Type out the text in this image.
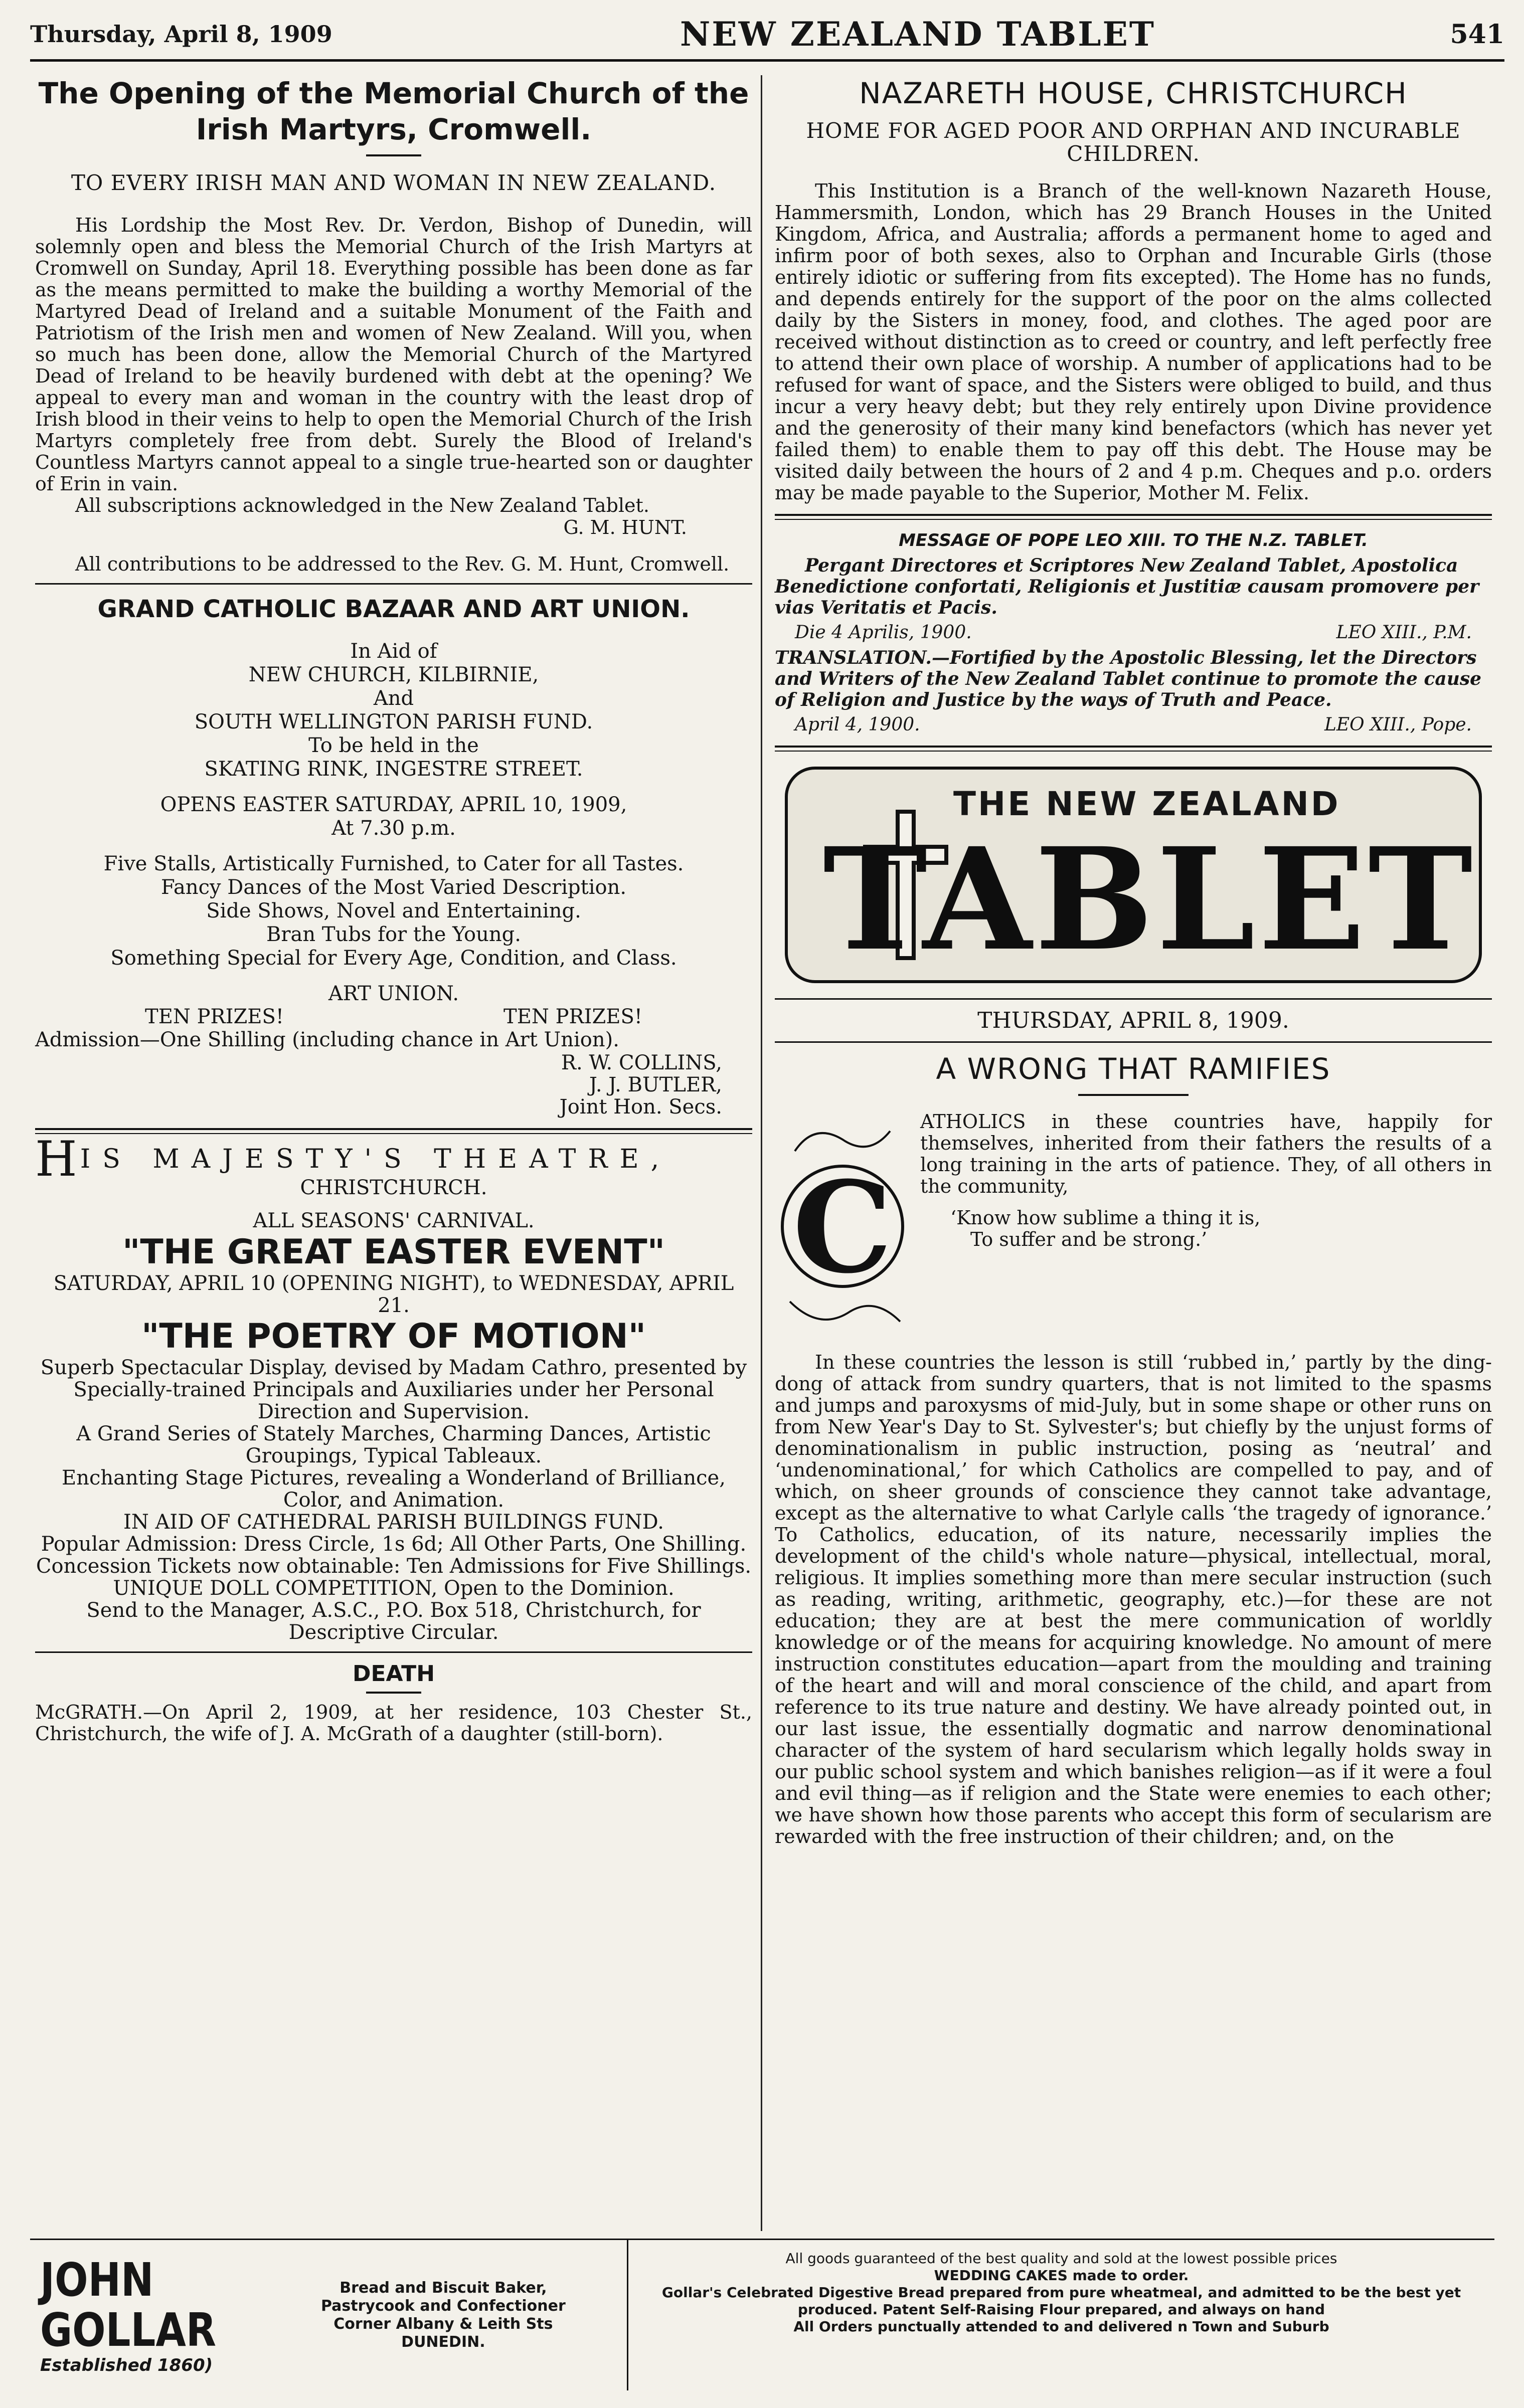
Thursday, April 8, 1909	NEW ZEALAND TABLET	541
The Opening of the Memorial Church of the Irish Martyrs, Cromwell.
TO EVERY IRISH MAN AND WOMAN IN NEW ZEALAND.

His Lordship the Most Rev. Dr. Verdon, Bishop of Dunedin, will solemnly open and bless the Memorial Church of the Irish Martyrs at Cromwell on Sunday, April 18. Everything possible has been done as far as the means permitted to make the building a worthy Memorial of the Martyred Dead of Ireland and a suitable Monument of the Faith and Patriotism of the Irish men and women of New Zealand. Will you, when so much has been done, allow the Memorial Church of the Martyred Dead of Ireland to be heavily burdened with debt at the opening? We appeal to every man and woman in the country with the least drop of Irish blood in their veins to help to open the Memorial Church of the Irish Martyrs completely free from debt. Surely the Blood of Ireland's Countless Martyrs cannot appeal to a single true-hearted son or daughter of Erin in vain.

All subscriptions acknowledged in the New Zealand Tablet.

G. M. HUNT.

All contributions to be addressed to the Rev. G. M. Hunt, Cromwell.

GRAND CATHOLIC BAZAAR AND ART UNION.

In Aid of

NEW CHURCH, KILBIRNIE,

And

SOUTH WELLINGTON PARISH FUND.

To be held in the

SKATING RINK, INGESTRE STREET.

OPENS EASTER SATURDAY, APRIL 10, 1909,

At 7.30 p.m.

Five Stalls, Artistically Furnished, to Cater for all Tastes.

Fancy Dances of the Most Varied Description.

Side Shows, Novel and Entertaining.

Bran Tubs for the Young.

Something Special for Every Age, Condition, and Class.

ART UNION.

TEN PRIZES!	TEN PRIZES!

Admission—One Shilling (including chance in Art Union).

R. W. COLLINS,
J. J. BUTLER,
Joint Hon. Secs.
HIS MAJESTY'S THEATRE,
CHRISTCHURCH.
ALL SEASONS' CARNIVAL.
"THE GREAT EASTER EVENT"
SATURDAY, APRIL 10 (OPENING NIGHT), to WEDNESDAY, APRIL 21.
"THE POETRY OF MOTION"

Superb Spectacular Display, devised by Madam Cathro, presented by Specially-trained Principals and Auxiliaries under her Personal Direction and Supervision.

A Grand Series of Stately Marches, Charming Dances, Artistic Groupings, Typical Tableaux.

Enchanting Stage Pictures, revealing a Wonderland of Brilliance, Color, and Animation.

IN AID OF CATHEDRAL PARISH BUILDINGS FUND.

Popular Admission: Dress Circle, 1s 6d; All Other Parts, One Shilling.

Concession Tickets now obtainable: Ten Admissions for Five Shillings.

UNIQUE DOLL COMPETITION, Open to the Dominion.

Send to the Manager, A.S.C., P.O. Box 518, Christchurch, for Descriptive Circular.

DEATH

McGRATH.—On April 2, 1909, at her residence, 103 Chester St., Christchurch, the wife of J. A. McGrath of a daughter (still-born).

NAZARETH HOUSE, CHRISTCHURCH
HOME FOR AGED POOR AND ORPHAN AND INCURABLE CHILDREN.

This Institution is a Branch of the well-known Nazareth House, Hammersmith, London, which has 29 Branch Houses in the United Kingdom, Africa, and Australia; affords a permanent home to aged and infirm poor of both sexes, also to Orphan and Incurable Girls (those entirely idiotic or suffering from fits excepted). The Home has no funds, and depends entirely for the support of the poor on the alms collected daily by the Sisters in money, food, and clothes. The aged poor are received without distinction as to creed or country, and left perfectly free to attend their own place of worship. A number of applications had to be refused for want of space, and the Sisters were obliged to build, and thus incur a very heavy debt; but they rely entirely upon Divine providence and the generosity of their many kind benefactors (which has never yet failed them) to enable them to pay off this debt. The House may be visited daily between the hours of 2 and 4 p.m. Cheques and p.o. orders may be made payable to the Superior, Mother M. Felix.

MESSAGE OF POPE LEO XIII. TO THE N.Z. TABLET.

Pergant Directores et Scriptores New Zealand Tablet, Apostolica Benedictione confortati, Religionis et Justitiæ causam promovere per vias Veritatis et Pacis.

Die 4 Aprilis, 1900.	LEO XIII., P.M.

TRANSLATION.—Fortified by the Apostolic Blessing, let the Directors and Writers of the New Zealand Tablet continue to promote the cause of Religion and Justice by the ways of Truth and Peace.

April 4, 1900.	LEO XIII., Pope.
THE NEW ZEALAND
TABLET
THURSDAY, APRIL 8, 1909.
A WRONG THAT RAMIFIES
C

ATHOLICS in these countries have, happily for themselves, inherited from their fathers the results of a long training in the arts of patience. They, of all others in the community,

‘Know how sublime a thing it is,
To suffer and be strong.’

In these countries the lesson is still ‘rubbed in,’ partly by the ding-dong of attack from sundry quarters, that is not limited to the spasms and jumps and paroxysms of mid-July, but in some shape or other runs on from New Year's Day to St. Sylvester's; but chiefly by the unjust forms of denominationalism in public instruction, posing as ‘neutral’ and ‘undenominational,’ for which Catholics are compelled to pay, and of which, on sheer grounds of conscience they cannot take advantage, except as the alternative to what Carlyle calls ‘the tragedy of ignorance.’ To Catholics, education, of its nature, necessarily implies the development of the child's whole nature—physical, intellectual, moral, religious. It implies something more than mere secular instruction (such as reading, writing, arithmetic, geography, etc.)—for these are not education; they are at best the mere communication of worldly knowledge or of the means for acquiring knowledge. No amount of mere instruction constitutes education—apart from the moulding and training of the heart and will and moral conscience of the child, and apart from reference to its true nature and destiny. We have already pointed out, in our last issue, the essentially dogmatic and narrow denominational character of the system of hard secularism which legally holds sway in our public school system and which banishes religion—as if it were a foul and evil thing—as if religion and the State were enemies to each other; we have shown how those parents who accept this form of secularism are rewarded with the free instruction of their children; and, on the

JOHN GOLLAR
Established 1860)
Bread and Biscuit Baker,
Pastrycook and Confectioner
Corner Albany & Leith Sts
DUNEDIN.
All goods guaranteed of the best quality and sold at the lowest possible prices
WEDDING CAKES made to order.
Gollar's Celebrated Digestive Bread prepared from pure wheatmeal, and admitted to be the best yet produced. Patent Self-Raising Flour prepared, and always on hand
All Orders punctually attended to and delivered n Town and Suburb
